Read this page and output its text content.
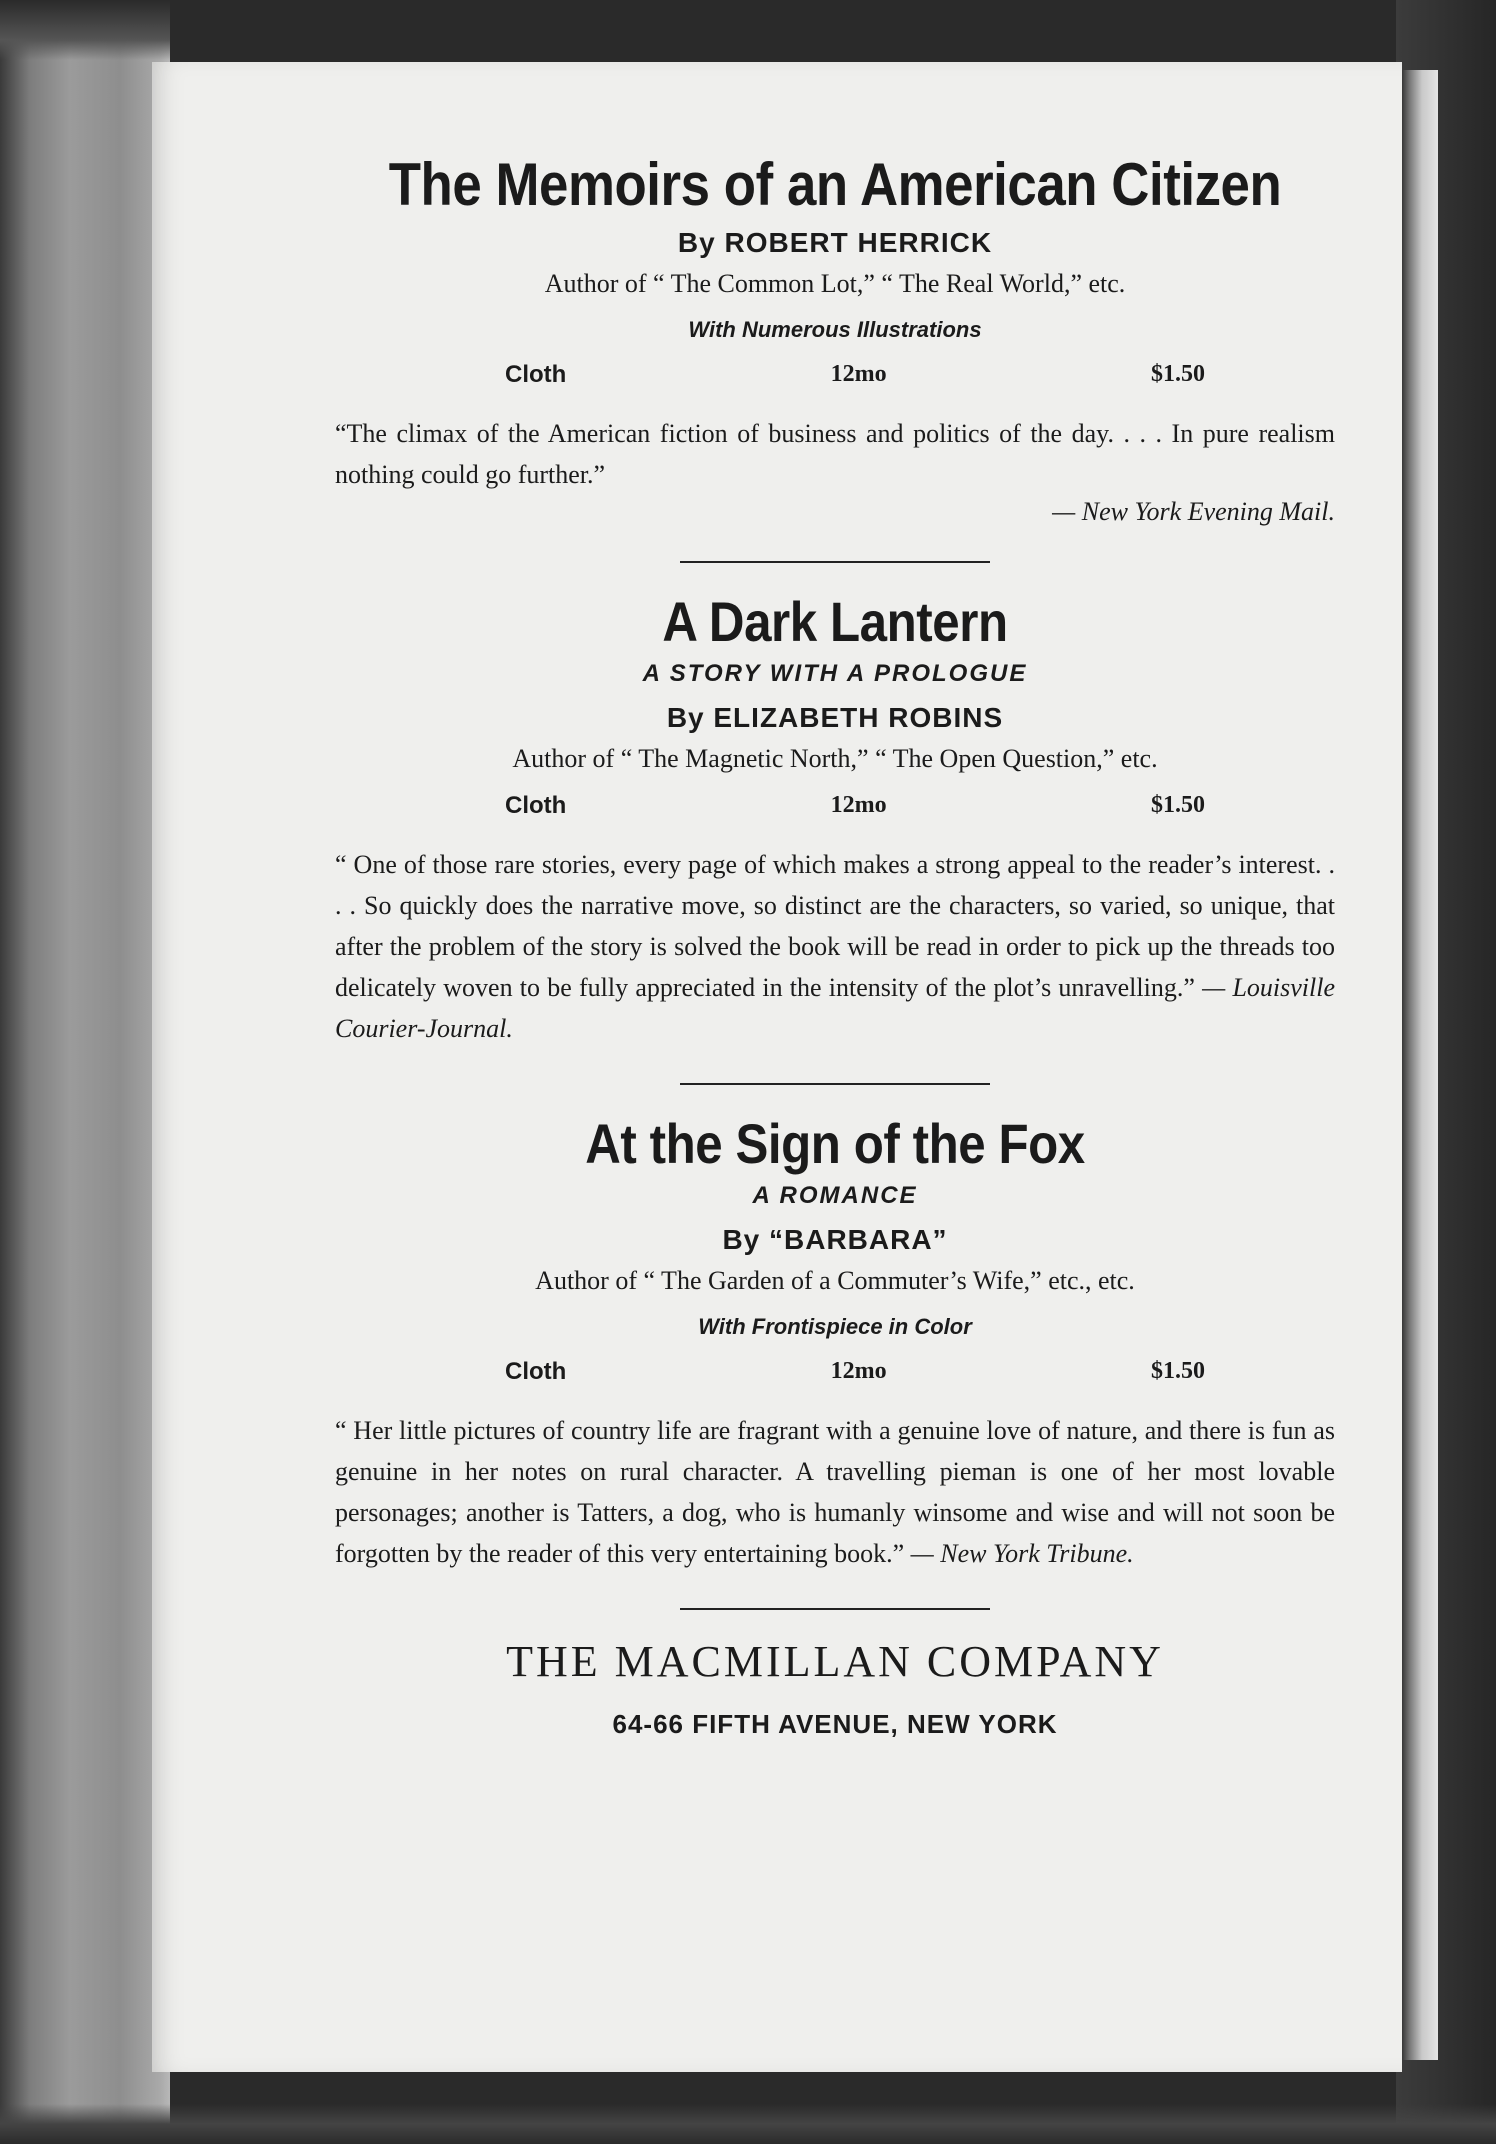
The Memoirs of an American Citizen
By ROBERT HERRICK
Author of “ The Common Lot,” “ The Real World,” etc.
With Numerous Illustrations
Cloth	12mo	$1.50

“The climax of the American fiction of business and politics of the day. . . . In pure realism nothing could go further.”

— New York Evening Mail.

A Dark Lantern
A STORY WITH A PROLOGUE
By ELIZABETH ROBINS
Author of “ The Magnetic North,” “ The Open Question,” etc.
Cloth	12mo	$1.50

“ One of those rare stories, every page of which makes a strong appeal to the reader’s interest. . . . So quickly does the narrative move, so distinct are the characters, so varied, so unique, that after the problem of the story is solved the book will be read in order to pick up the threads too delicately woven to be fully appreciated in the intensity of the plot’s unravelling.” — Louisville Courier-Journal.

At the Sign of the Fox
A ROMANCE
By “BARBARA”
Author of “ The Garden of a Commuter’s Wife,” etc., etc.
With Frontispiece in Color
Cloth	12mo	$1.50

“ Her little pictures of country life are fragrant with a genuine love of nature, and there is fun as genuine in her notes on rural character. A travelling pieman is one of her most lovable personages; another is Tatters, a dog, who is humanly winsome and wise and will not soon be forgotten by the reader of this very entertaining book.” — New York Tribune.

THE MACMILLAN COMPANY
64-66 FIFTH AVENUE, NEW YORK
